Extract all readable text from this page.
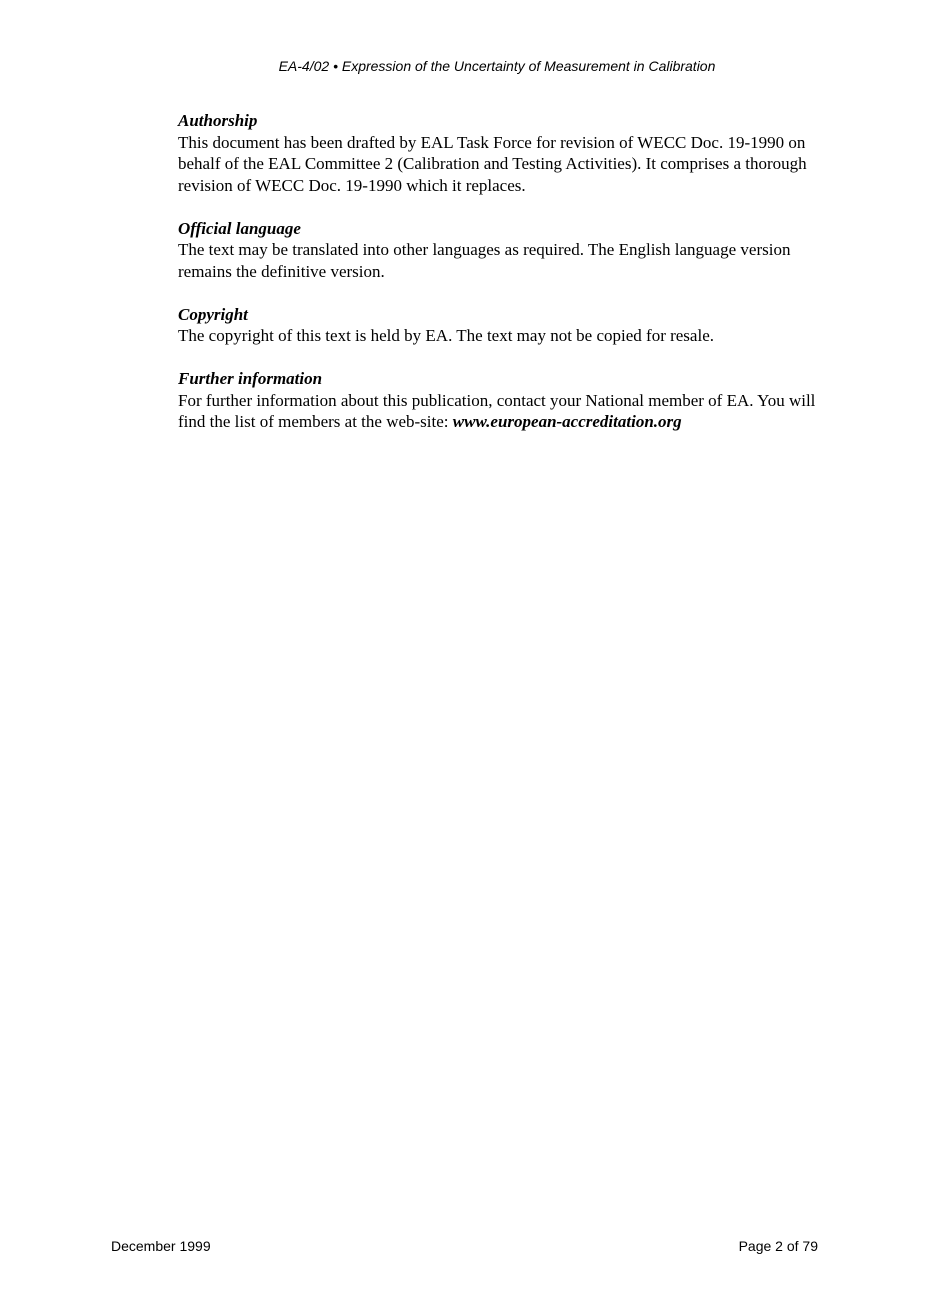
EA-4/02 • Expression of the Uncertainty of Measurement in Calibration

Authorship

This document has been drafted by EAL Task Force for revision of WECC Doc. 19-1990 on behalf of the EAL Committee 2 (Calibration and Testing Activities). It comprises a thorough revision of WECC Doc. 19-1990 which it replaces.

Official language

The text may be translated into other languages as required. The English language version remains the definitive version.

Copyright

The copyright of this text is held by EA. The text may not be copied for resale.

Further information

For further information about this publication, contact your National member of EA. You will find the list of members at the web-site: www.european-accreditation.org

December 1999	Page 2 of 79
